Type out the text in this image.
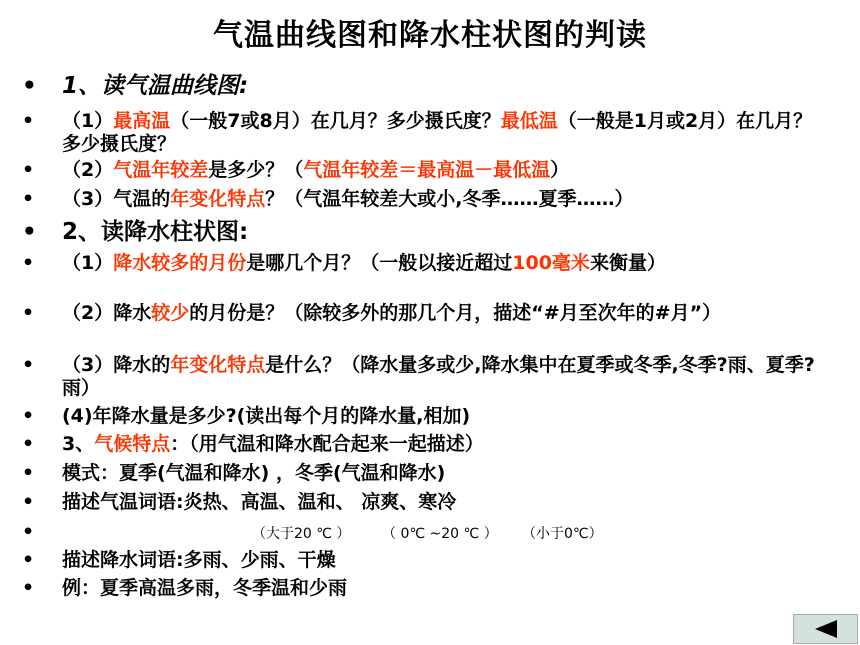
气温曲线图和降水柱状图的判读
• 1、读气温曲线图:
• （1）最高温（一般7或8月）在几月？多少摄氏度？最低温（一般是1月或2月）在几月？多少摄氏度？
• （2）气温年较差是多少？（气温年较差＝最高温－最低温）
• （3）气温的年变化特点？（气温年较差大或小,冬季……夏季……）
• 2、读降水柱状图:
• （1）降水较多的月份是哪几个月？（一般以接近超过100毫米来衡量）
• （2）降水较少的月份是？（除较多外的那几个月，描述“#月至次年的#月”）
• （3）降水的年变化特点是什么？（降水量多或少,降水集中在夏季或冬季,冬季?雨、夏季?雨）
• (4)年降水量是多少?(读出每个月的降水量,相加)
• 3、气候特点：（用气温和降水配合起来一起描述）
• 模式：夏季(气温和降水) ，冬季(气温和降水)
• 描述气温词语:炎热、高温、温和、 凉爽、寒冷
•	（大于20 ℃ ） （ 0℃ ~20 ℃ ） （小于0℃）
• 描述降水词语:多雨、少雨、干燥
• 例：夏季高温多雨，冬季温和少雨
